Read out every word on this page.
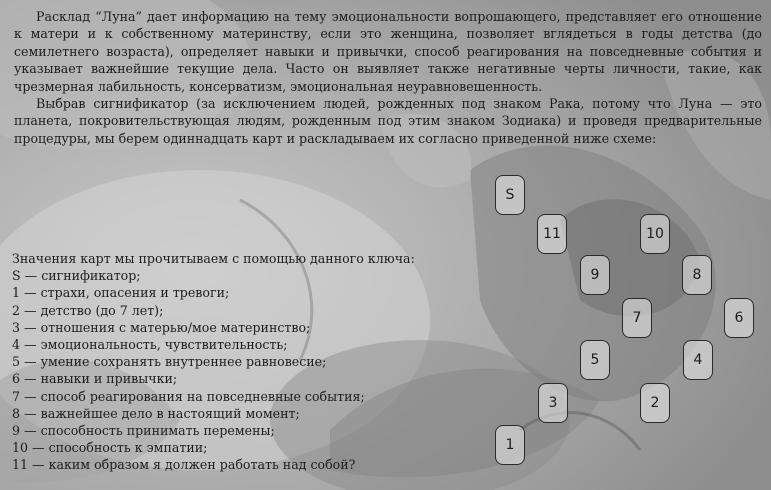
Расклад “Луна” дает информацию на тему эмоциональности вопрошающего, представляет его отношение к матери и к собственному материнству, если это женщина, позволяет вглядеться в годы детства (до семилетнего возраста), определяет навыки и привычки, способ реагирования на повседневные события и указывает важнейшие текущие дела. Часто он выявляет также негативные черты личности, такие, как чрезмерная лабильность, консерватизм, эмоциональная неуравновешенность.

Выбрав сигнификатор (за исключением людей, рожденных под знаком Рака, потому что Луна — это планета, покровительствующая людям, рожденным под этим знаком Зодиака) и проведя предварительные процедуры, мы берем одиннадцать карт и раскладываем их согласно приведенной ниже схеме:

Значения карт мы прочитываем с помощью данного ключа:
S — сигнификатор;
1 — страхи, опасения и тревоги;
2 — детство (до 7 лет);
3 — отношения с матерью/мое материнство;
4 — эмоциональность, чувствительность;
5 — умение сохранять внутреннее равновесие;
6 — навыки и привычки;
7 — способ реагирования на повседневные события;
8 — важнейшее дело в настоящий момент;
9 — способность принимать перемены;
10 — способность к эмпатии;
11 — каким образом я должен работать над собой?
S
11	10
9	8
7	6
5	4
3	2
1
